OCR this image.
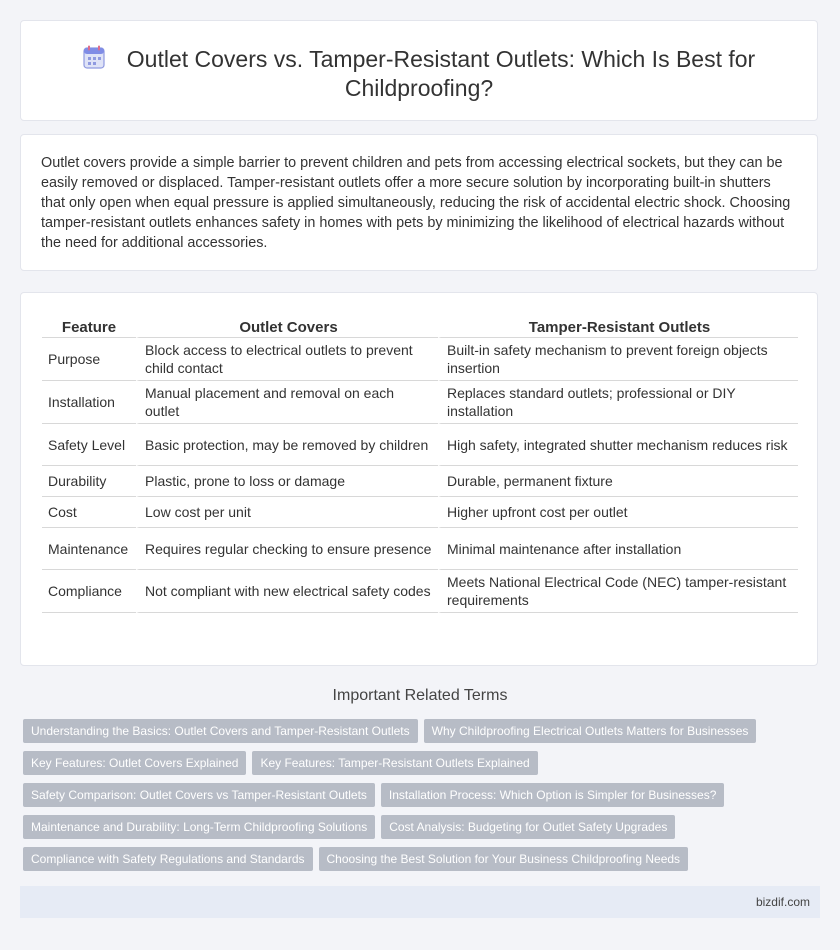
Outlet Covers vs. Tamper-Resistant Outlets: Which Is Best for Childproofing?
Outlet covers provide a simple barrier to prevent children and pets from accessing electrical sockets, but they can be easily removed or displaced. Tamper-resistant outlets offer a more secure solution by incorporating built-in shutters that only open when equal pressure is applied simultaneously, reducing the risk of accidental electric shock. Choosing tamper-resistant outlets enhances safety in homes with pets by minimizing the likelihood of electrical hazards without the need for additional accessories.
Feature	Outlet Covers	Tamper-Resistant Outlets
Purpose	Block access to electrical outlets to prevent child contact	Built-in safety mechanism to prevent foreign objects insertion
Installation	Manual placement and removal on each outlet	Replaces standard outlets; professional or DIY installation
Safety Level	Basic protection, may be removed by children	High safety, integrated shutter mechanism reduces risk
Durability	Plastic, prone to loss or damage	Durable, permanent fixture
Cost	Low cost per unit	Higher upfront cost per outlet
Maintenance	Requires regular checking to ensure presence	Minimal maintenance after installation
Compliance	Not compliant with new electrical safety codes	Meets National Electrical Code (NEC) tamper-resistant requirements
Important Related Terms
Understanding the Basics: Outlet Covers and Tamper-Resistant Outlets Why Childproofing Electrical Outlets Matters for Businesses
Key Features: Outlet Covers Explained Key Features: Tamper-Resistant Outlets Explained
Safety Comparison: Outlet Covers vs Tamper-Resistant Outlets Installation Process: Which Option is Simpler for Businesses?
Maintenance and Durability: Long-Term Childproofing Solutions Cost Analysis: Budgeting for Outlet Safety Upgrades
Compliance with Safety Regulations and Standards Choosing the Best Solution for Your Business Childproofing Needs
bizdif.com
